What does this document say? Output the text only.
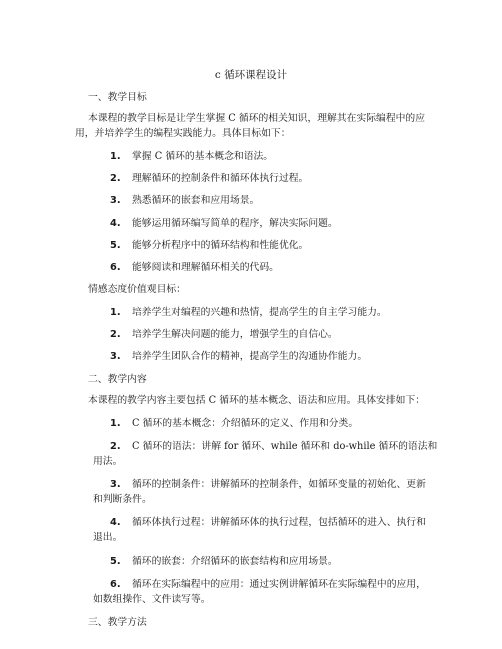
c 循环课程设计
一、教学目标
本课程的教学目标是让学生掌握 C 循环的相关知识，理解其在实际编程中的应
用，并培养学生的编程实践能力。具体目标如下：
1. 掌握 C 循环的基本概念和语法。
2. 理解循环的控制条件和循环体执行过程。
3. 熟悉循环的嵌套和应用场景。
4. 能够运用循环编写简单的程序，解决实际问题。
5. 能够分析程序中的循环结构和性能优化。
6. 能够阅读和理解循环相关的代码。
情感态度价值观目标：
1. 培养学生对编程的兴趣和热情，提高学生的自主学习能力。
2. 培养学生解决问题的能力，增强学生的自信心。
3. 培养学生团队合作的精神，提高学生的沟通协作能力。
二、教学内容
本课程的教学内容主要包括 C 循环的基本概念、语法和应用。具体安排如下：
1. C 循环的基本概念：介绍循环的定义、作用和分类。
2. C 循环的语法：讲解 for 循环、while 循环和 do-while 循环的语法和
用法。
3. 循环的控制条件：讲解循环的控制条件，如循环变量的初始化、更新
和判断条件。
4. 循环体执行过程：讲解循环体的执行过程，包括循环的进入、执行和
退出。
5. 循环的嵌套：介绍循环的嵌套结构和应用场景。
6. 循环在实际编程中的应用：通过实例讲解循环在实际编程中的应用，
如数组操作、文件读写等。
三、教学方法
